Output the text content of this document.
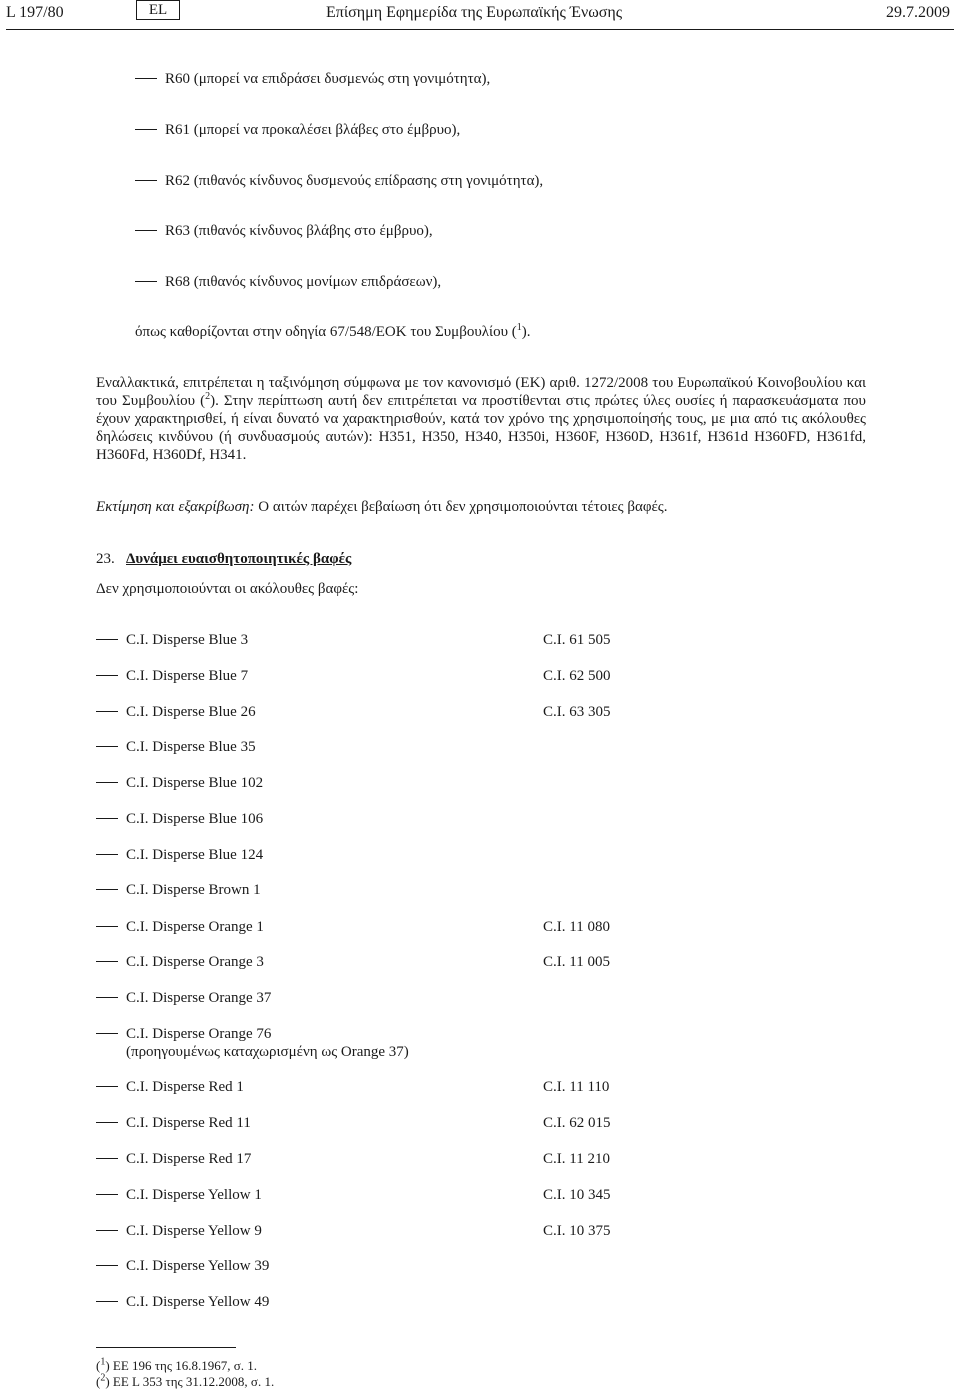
L 197/80	EL	Επίσημη Εφημερίδα της Ευρωπαϊκής Ένωσης	29.7.2009
R60 (μπορεί να επιδράσει δυσμενώς στη γονιμότητα),
R61 (μπορεί να προκαλέσει βλάβες στο έμβρυο),
R62 (πιθανός κίνδυνος δυσμενούς επίδρασης στη γονιμότητα),
R63 (πιθανός κίνδυνος βλάβης στο έμβρυο),
R68 (πιθανός κίνδυνος μονίμων επιδράσεων),
όπως καθορίζονται στην οδηγία 67/548/ΕΟΚ του Συμβουλίου ($^1$).
Εναλλακτικά, επιτρέπεται η ταξινόμηση σύμφωνα με τον κανονισμό (ΕΚ) αριθ. 1272/2008 του Ευρωπαϊκού Κοινοβουλίου και του Συμβουλίου ($^2$). Στην περίπτωση αυτή δεν επιτρέπεται να προστίθενται στις πρώτες ύλες ουσίες ή παρασκευάσματα που έχουν χαρακτηρισθεί, ή είναι δυνατό να χαρακτηρισθούν, κατά τον χρόνο της χρησιμοποίησής τους, με μια από τις ακόλουθες δηλώσεις κινδύνου (ή συνδυασμούς αυτών): H351, H350, H340, H350i, H360F, H360D, H361f, H361d H360FD, H361fd, H360Fd, H360Df, H341.
Εκτίμηση και εξακρίβωση: Ο αιτών παρέχει βεβαίωση ότι δεν χρησιμοποιούνται τέτοιες βαφές.
23. Δυνάμει ευαισθητοποιητικές βαφές
Δεν χρησιμοποιούνται οι ακόλουθες βαφές:
C.I. Disperse Blue 3	C.I. 61 505
C.I. Disperse Blue 7	C.I. 62 500
C.I. Disperse Blue 26	C.I. 63 305
C.I. Disperse Blue 35
C.I. Disperse Blue 102
C.I. Disperse Blue 106
C.I. Disperse Blue 124
C.I. Disperse Brown 1
C.I. Disperse Orange 1	C.I. 11 080
C.I. Disperse Orange 3	C.I. 11 005
C.I. Disperse Orange 37
C.I. Disperse Orange 76
(προηγουμένως καταχωρισμένη ως Orange 37)
C.I. Disperse Red 1	C.I. 11 110
C.I. Disperse Red 11	C.I. 62 015
C.I. Disperse Red 17	C.I. 11 210
C.I. Disperse Yellow 1	C.I. 10 345
C.I. Disperse Yellow 9	C.I. 10 375
C.I. Disperse Yellow 39
C.I. Disperse Yellow 49
($^1$) ΕΕ 196 της 16.8.1967, σ. 1.
($^2$) ΕΕ L 353 της 31.12.2008, σ. 1.
